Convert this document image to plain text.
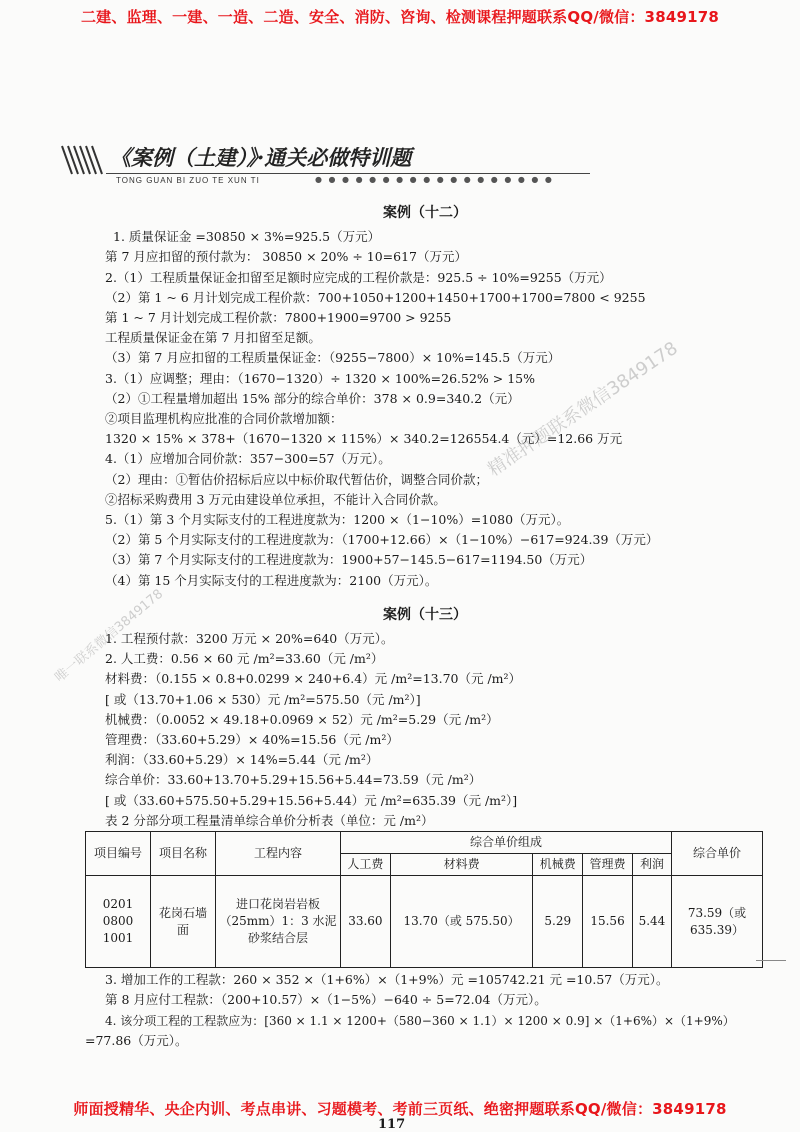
二建、监理、一建、一造、二造、安全、消防、咨询、检测课程押题联系QQ/微信：3849178
《案例（土建）》·通关必做特训题
TONG GUAN BI ZUO TE XUN TI	● ● ● ● ● ● ● ● ● ● ● ● ● ● ● ● ● ●
案例（十二）
1. 质量保证金 =30850 × 3%=925.5（万元）
第 7 月应扣留的预付款为： 30850 × 20% ÷ 10=617（万元）
2.（1）工程质量保证金扣留至足额时应完成的工程价款是：925.5 ÷ 10%=9255（万元）
（2）第 1 ~ 6 月计划完成工程价款：700+1050+1200+1450+1700+1700=7800 < 9255
第 1 ~ 7 月计划完成工程价款：7800+1900=9700 > 9255
工程质量保证金在第 7 月扣留至足额。
（3）第 7 月应扣留的工程质量保证金：（9255−7800）× 10%=145.5（万元）
3.（1）应调整；理由：（1670−1320）÷ 1320 × 100%=26.52% > 15%
（2）①工程量增加超出 15% 部分的综合单价：378 × 0.9=340.2（元）
②项目监理机构应批准的合同价款增加额：
1320 × 15% × 378+（1670−1320 × 115%）× 340.2=126554.4（元）=12.66 万元
4.（1）应增加合同价款：357−300=57（万元）。
（2）理由：①暂估价招标后应以中标价取代暂估价，调整合同价款；
②招标采购费用 3 万元由建设单位承担，不能计入合同价款。
5.（1）第 3 个月实际支付的工程进度款为：1200 ×（1−10%）=1080（万元）。
（2）第 5 个月实际支付的工程进度款为：（1700+12.66）×（1−10%）−617=924.39（万元）
（3）第 7 个月实际支付的工程进度款为：1900+57−145.5−617=1194.50（万元）
（4）第 15 个月实际支付的工程进度款为：2100（万元）。
案例（十三）
1. 工程预付款：3200 万元 × 20%=640（万元）。
2. 人工费：0.56 × 60 元 /m²=33.60（元 /m²）
材料费：（0.155 × 0.8+0.0299 × 240+6.4）元 /m²=13.70（元 /m²）
[ 或（13.70+1.06 × 530）元 /m²=575.50（元 /m²）]
机械费：（0.0052 × 49.18+0.0969 × 52）元 /m²=5.29（元 /m²）
管理费：（33.60+5.29）× 40%=15.56（元 /m²）
利润：（33.60+5.29）× 14%=5.44（元 /m²）
综合单价：33.60+13.70+5.29+15.56+5.44=73.59（元 /m²）
[ 或（33.60+575.50+5.29+15.56+5.44）元 /m²=635.39（元 /m²）]
表 2 分部分项工程量清单综合单价分析表（单位：元 /m²）
项目编号	项目名称	工程内容	综合单价组成					综合单价
			人工费	材料费	机械费	管理费	利润	
0201 0800 1001	花岗石墙面	进口花岗岩岩板（25mm）1：3 水泥砂浆结合层	33.60	13.70（或 575.50）	5.29	15.56	5.44	73.59（或 635.39）
3. 增加工作的工程款：260 × 352 ×（1+6%）×（1+9%）元 =105742.21 元 =10.57（万元）。
第 8 月应付工程款：（200+10.57）×（1−5%）−640 ÷ 5=72.04（万元）。
4. 该分项工程的工程款应为：[360 × 1.1 × 1200+（580−360 × 1.1）× 1200 × 0.9] ×（1+6%）×（1+9%）
=77.86（万元）。
精准押题联系微信3849178
唯一联系微信3849178
师面授精华、央企内训、考点串讲、习题模考、考前三页纸、绝密押题联系QQ/微信：3849178
117
